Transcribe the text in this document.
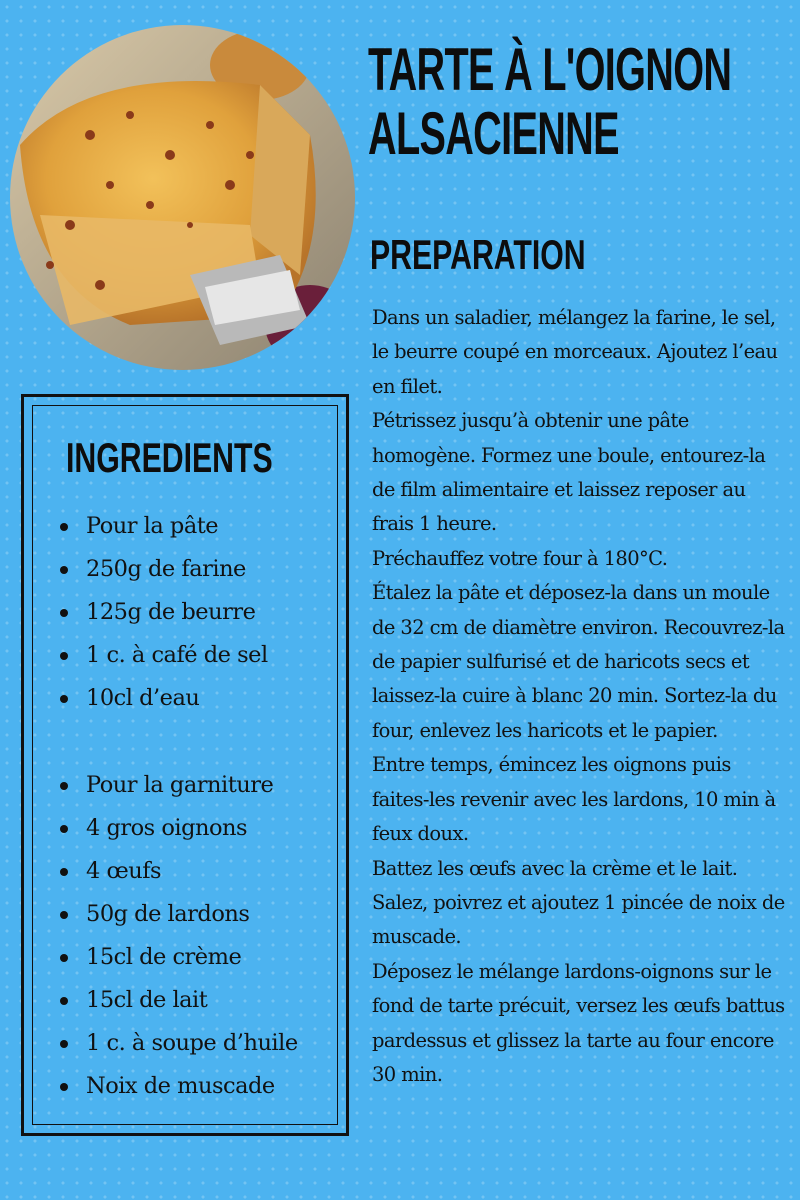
TARTE À L'OIGNON
ALSACIENNE
PREPARATION

Dans un saladier, mélangez la farine, le sel, le beurre coupé en morceaux. Ajoutez l’eau en filet.

Pétrissez jusqu’à obtenir une pâte homogène. Formez une boule, entourez-la de film alimentaire et laissez reposer au frais 1 heure.

Préchauffez votre four à 180°C.

Étalez la pâte et déposez-la dans un moule de 32 cm de diamètre environ. Recouvrez-la de papier sulfurisé et de haricots secs et laissez-la cuire à blanc 20 min. Sortez-la du four, enlevez les haricots et le papier.

Entre temps, émincez les oignons puis faites-les revenir avec les lardons, 10 min à feux doux.

Battez les œufs avec la crème et le lait. Salez, poivrez et ajoutez 1 pincée de noix de muscade.

Déposez le mélange lardons-oignons sur le fond de tarte précuit, versez les œufs battus pardessus et glissez la tarte au four encore 30 min.

INGREDIENTS
Pour la pâte
250g de farine
125g de beurre
1 c. à café de sel
10cl d’eau
Pour la garniture
4 gros oignons
4 œufs
50g de lardons
15cl de crème
15cl de lait
1 c. à soupe d’huile
Noix de muscade
